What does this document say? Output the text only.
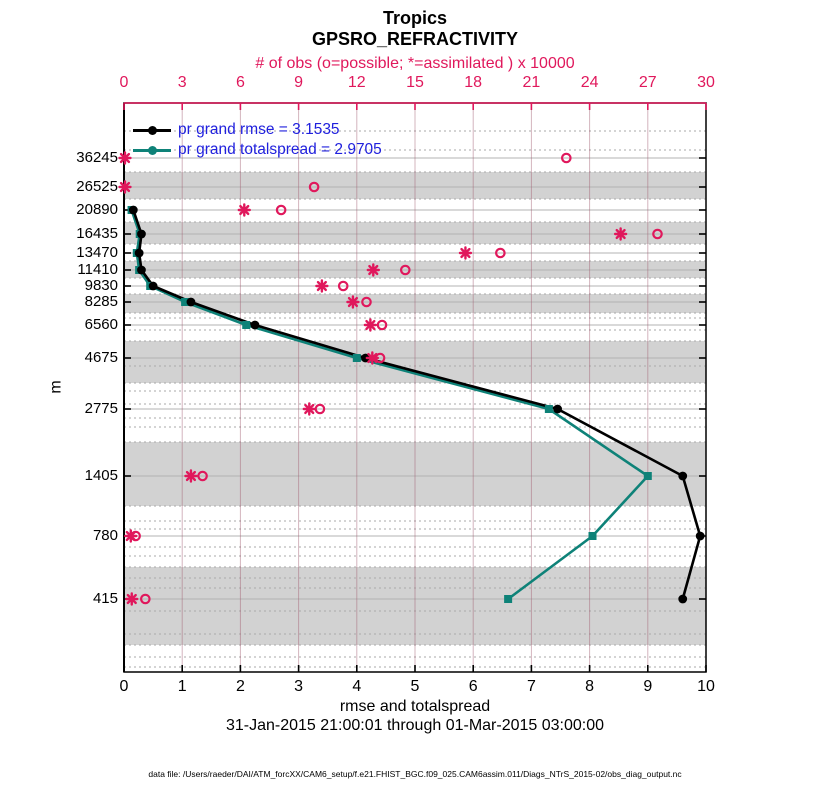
Tropics
GPSRO_REFRACTIVITY
# of obs (o=possible; *=assimilated ) x 10000
0	3	6	9	12	15	18	21	24	27	30
pr grand rmse = 3.1535
pr grand totalspread = 2.9705
36245
26525
20890
16435
13470
11410
9830
8285
6560
4675
2775
1405
780
415
m
0	1	2	3	4	5	6	7	8	9	10
rmse and totalspread
31-Jan-2015 21:00:01 through 01-Mar-2015 03:00:00
data file: /Users/raeder/DAI/ATM_forcXX/CAM6_setup/f.e21.FHIST_BGC.f09_025.CAM6assim.011/Diags_NTrS_2015-02/obs_diag_output.nc
